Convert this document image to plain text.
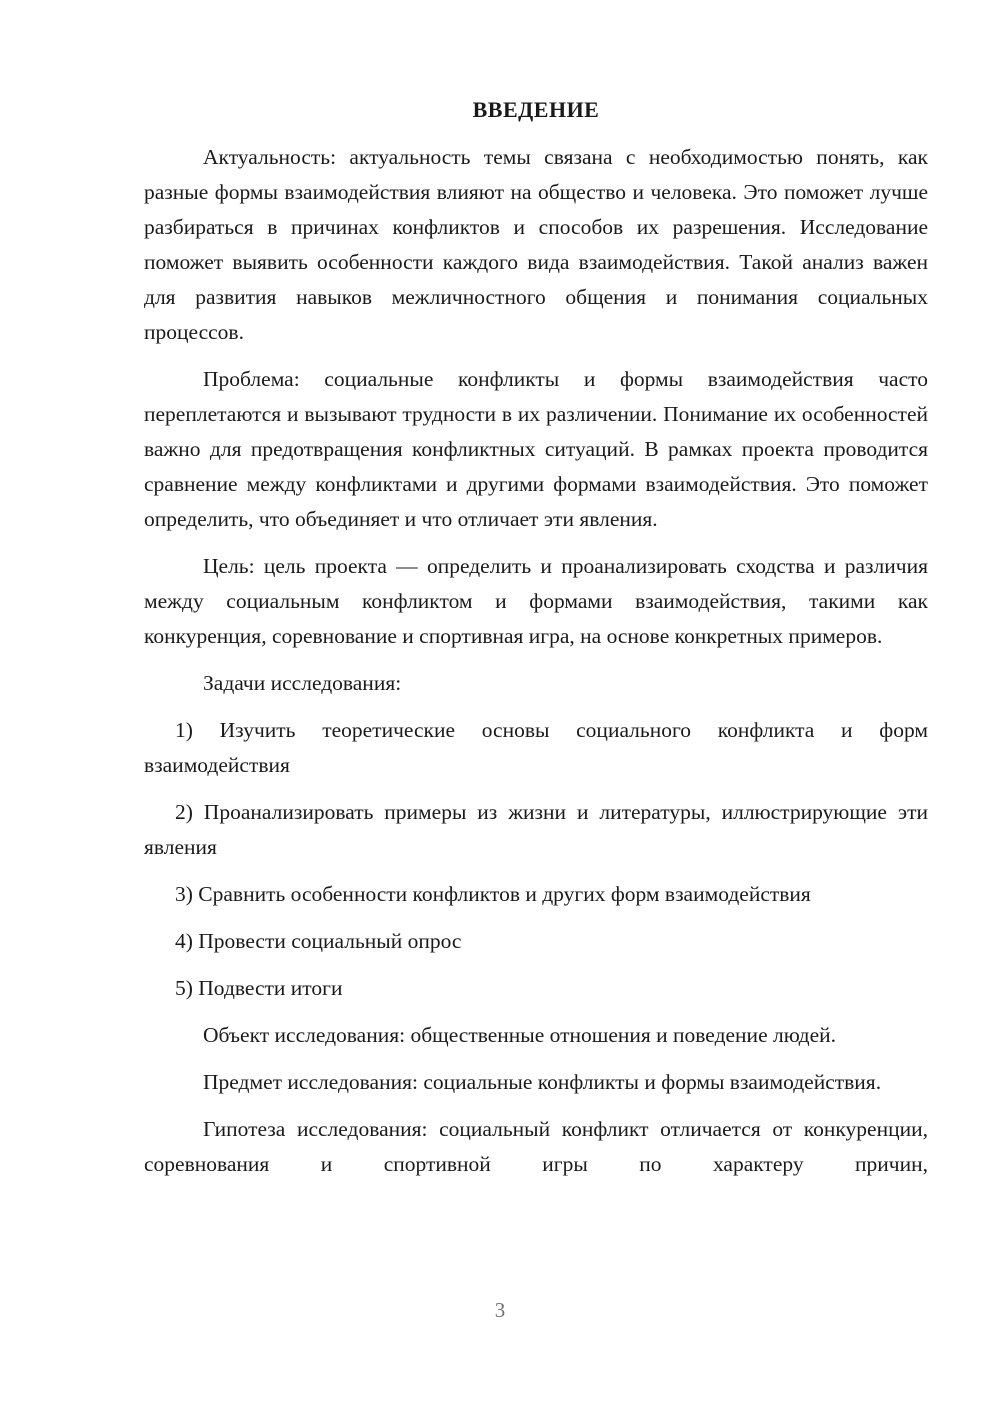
ВВЕДЕНИЕ

Актуальность: актуальность темы связана с необходимостью понять, как разные формы взаимодействия влияют на общество и человека. Это поможет лучше разбираться в причинах конфликтов и способов их разрешения. Исследование поможет выявить особенности каждого вида взаимодействия. Такой анализ важен для развития навыков межличностного общения и понимания социальных процессов.

Проблема: социальные конфликты и формы взаимодействия часто переплетаются и вызывают трудности в их различении. Понимание их особенностей важно для предотвращения конфликтных ситуаций. В рамках проекта проводится сравнение между конфликтами и другими формами взаимодействия. Это поможет определить, что объединяет и что отличает эти явления.

Цель: цель проекта — определить и проанализировать сходства и различия между социальным конфликтом и формами взаимодействия, такими как конкуренция, соревнование и спортивная игра, на основе конкретных примеров.

Задачи исследования:

1) Изучить теоретические основы социального конфликта и форм взаимодействия

2) Проанализировать примеры из жизни и литературы, иллюстрирующие эти явления

3) Сравнить особенности конфликтов и других форм взаимодействия

4) Провести социальный опрос

5) Подвести итоги

Объект исследования: общественные отношения и поведение людей.

Предмет исследования: социальные конфликты и формы взаимодействия.

Гипотеза исследования: социальный конфликт отличается от конкуренции, соревнования и спортивной игры по характеру причин,

3
